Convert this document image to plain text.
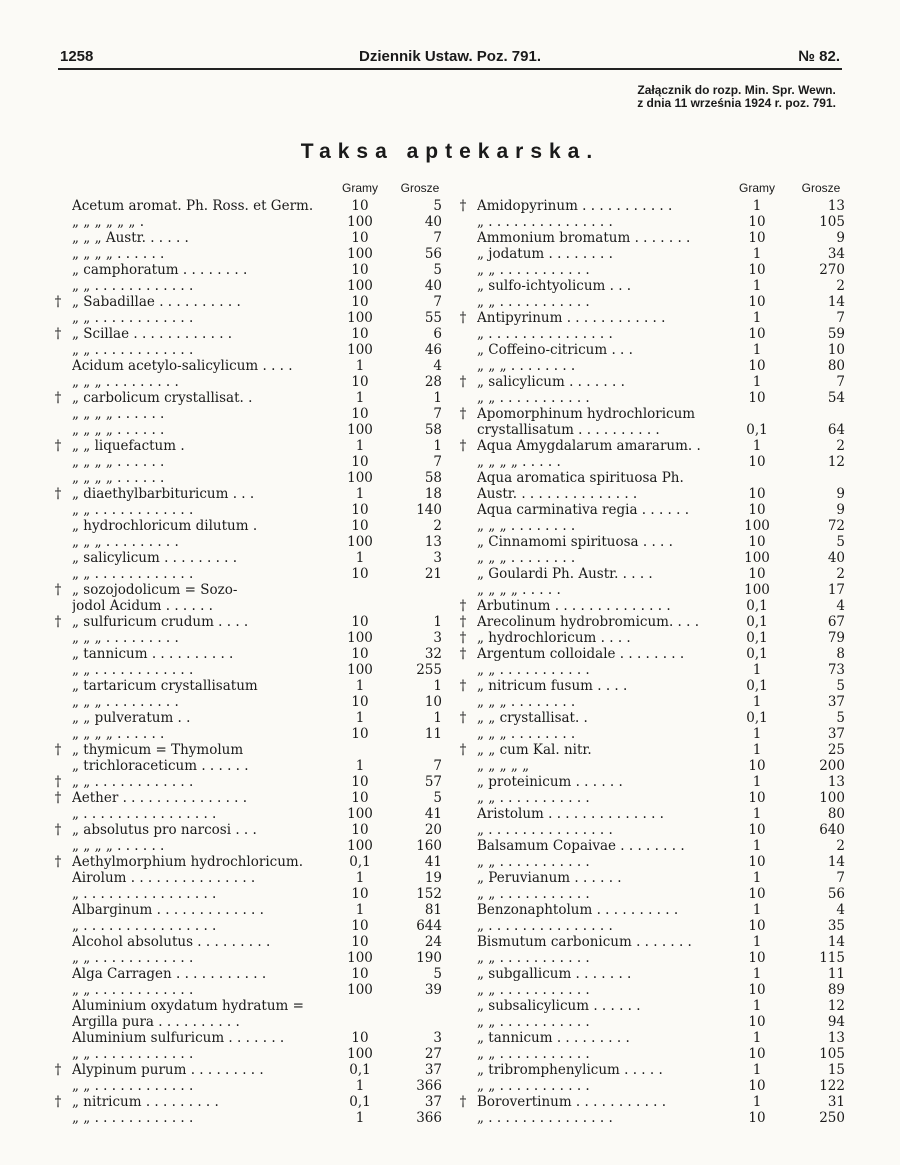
1258	Dziennik Ustaw. Poz. 791.	№ 82.
Załącznik do rozp. Min. Spr. Wewn.
z dnia 11 września 1924 r. poz. 791.
Taksa aptekarska.
Gramy	Grosze
Acetum aromat. Ph. Ross. et Germ.	10	5
„ „ „ „ „ „ .	100	40
„ „ „ Austr. . . . . .	10	7
„ „ „ „ . . . . . .	100	56
„ camphoratum . . . . . . . .	10	5
„ „ . . . . . . . . . . . .	100	40
† „ Sabadillae . . . . . . . . . .	10	7
„ „ . . . . . . . . . . . .	100	55
† „ Scillae . . . . . . . . . . . .	10	6
„ „ . . . . . . . . . . . .	100	46
Acidum acetylo-salicylicum . . . .	1	4
„ „ „ . . . . . . . . .	10	28
† „ carbolicum crystallisat. .	1	1
„ „ „ „ . . . . . .	10	7
„ „ „ „ . . . . . .	100	58
† „ „ liquefactum .	1	1
„ „ „ „ . . . . . .	10	7
„ „ „ „ . . . . . .	100	58
† „ diaethylbarbituricum . . .	1	18
„ „ . . . . . . . . . . . .	10	140
„ hydrochloricum dilutum .	10	2
„ „ „ . . . . . . . . .	100	13
„ salicylicum . . . . . . . . .	1	3
„ „ . . . . . . . . . . . .	10	21
† „ sozojodolicum = Sozo-
jodol Acidum . . . . . .
† „ sulfuricum crudum . . . .	10	1
„ „ „ . . . . . . . . .	100	3
„ tannicum . . . . . . . . . .	10	32
„ „ . . . . . . . . . . . .	100	255
„ tartaricum crystallisatum	1	1
„ „ „ . . . . . . . . .	10	10
„ „ pulveratum . .	1	1
„ „ „ „ . . . . . .	10	11
† „ thymicum = Thymolum
„ trichloraceticum . . . . . .	1	7
† „ „ . . . . . . . . . . . .	10	57
† Aether . . . . . . . . . . . . . . .	10	5
„ . . . . . . . . . . . . . . . .	100	41
† „ absolutus pro narcosi . . .	10	20
„ „ „ „ . . . . . .	100	160
† Aethylmorphium hydrochloricum.	0,1	41
Airolum . . . . . . . . . . . . . . .	1	19
„ . . . . . . . . . . . . . . . .	10	152
Albarginum . . . . . . . . . . . . .	1	81
„ . . . . . . . . . . . . . . . .	10	644
Alcohol absolutus . . . . . . . . .	10	24
„ „ . . . . . . . . . . . .	100	190
Alga Carragen . . . . . . . . . . .	10	5
„ „ . . . . . . . . . . . .	100	39
Aluminium oxydatum hydratum =
Argilla pura . . . . . . . . . .
Aluminium sulfuricum . . . . . . .	10	3
„ „ . . . . . . . . . . . .	100	27
† Alypinum purum . . . . . . . . .	0,1	37
„ „ . . . . . . . . . . . .	1	366
† „ nitricum . . . . . . . . .	0,1	37
„ „ . . . . . . . . . . . .	1	366
Gramy	Grosze
† Amidopyrinum . . . . . . . . . . .	1	13
„ . . . . . . . . . . . . . . .	10	105
Ammonium bromatum . . . . . . .	10	9
„ jodatum . . . . . . . .	1	34
„ „ . . . . . . . . . . .	10	270
„ sulfo-ichtyolicum . . .	1	2
„ „ . . . . . . . . . . .	10	14
† Antipyrinum . . . . . . . . . . . .	1	7
„ . . . . . . . . . . . . . . .	10	59
„ Coffeino-citricum . . .	1	10
„ „ „ . . . . . . . .	10	80
† „ salicylicum . . . . . . .	1	7
„ „ . . . . . . . . . . .	10	54
† Apomorphinum hydrochloricum
crystallisatum . . . . . . . . . .	0,1	64
† Aqua Amygdalarum amararum. .	1	2
„ „ „ „ . . . . .	10	12
Aqua aromatica spirituosa Ph.
Austr. . . . . . . . . . . . . . .	10	9
Aqua carminativa regia . . . . . .	10	9
„ „ „ . . . . . . . .	100	72
„ Cinnamomi spirituosa . . . .	10	5
„ „ „ . . . . . . . .	100	40
„ Goulardi Ph. Austr. . . . .	10	2
„ „ „ „ . . . . .	100	17
† Arbutinum . . . . . . . . . . . . . .	0,1	4
† Arecolinum hydrobromicum. . . .	0,1	67
† „ hydrochloricum . . . .	0,1	79
† Argentum colloidale . . . . . . . .	0,1	8
„ „ . . . . . . . . . . .	1	73
† „ nitricum fusum . . . .	0,1	5
„ „ „ . . . . . . . .	1	37
† „ „ crystallisat. .	0,1	5
„ „ „ . . . . . . . .	1	37
† „ „ cum Kal. nitr.	1	25
„ „ „ „ „	10	200
„ proteinicum . . . . . .	1	13
„ „ . . . . . . . . . . .	10	100
Aristolum . . . . . . . . . . . . . .	1	80
„ . . . . . . . . . . . . . . .	10	640
Balsamum Copaivae . . . . . . . .	1	2
„ „ . . . . . . . . . . .	10	14
„ Peruvianum . . . . . .	1	7
„ „ . . . . . . . . . . .	10	56
Benzonaphtolum . . . . . . . . . .	1	4
„ . . . . . . . . . . . . . . .	10	35
Bismutum carbonicum . . . . . . .	1	14
„ „ . . . . . . . . . . .	10	115
„ subgallicum . . . . . . .	1	11
„ „ . . . . . . . . . . .	10	89
„ subsalicylicum . . . . . .	1	12
„ „ . . . . . . . . . . .	10	94
„ tannicum . . . . . . . . .	1	13
„ „ . . . . . . . . . . .	10	105
„ tribromphenylicum . . . . .	1	15
„ „ . . . . . . . . . . .	10	122
† Borovertinum . . . . . . . . . . .	1	31
„ . . . . . . . . . . . . . . .	10	250
